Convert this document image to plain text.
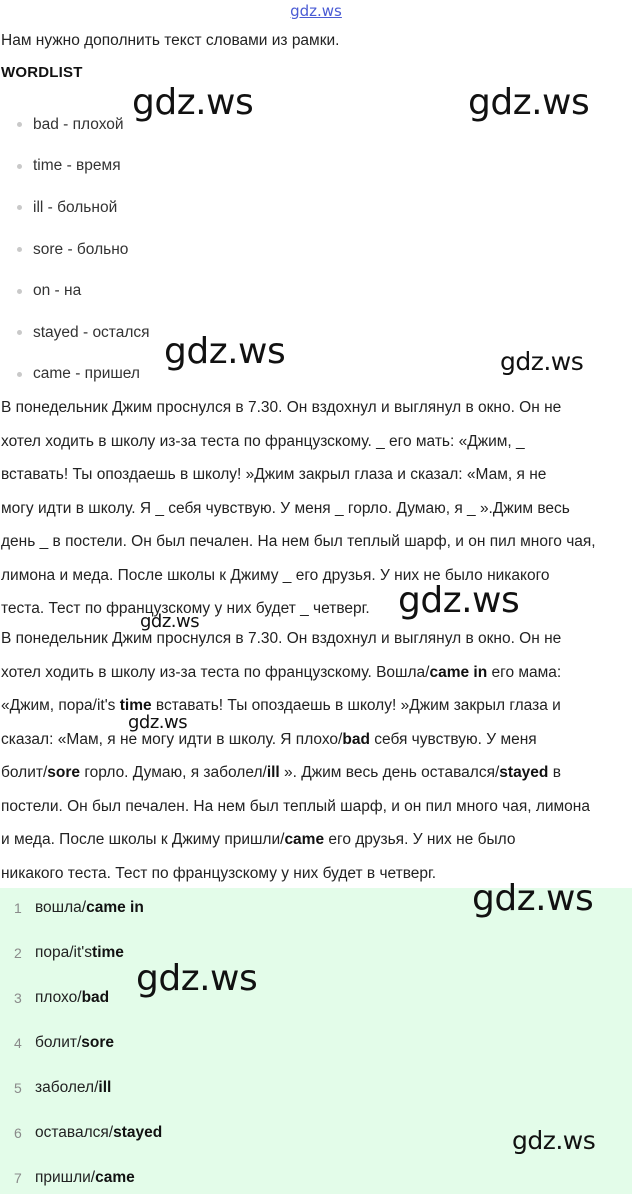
gdz.ws
Нам нужно дополнить текст словами из рамки.
WORDLIST
bad - плохой
time - время
ill - больной
sore - больно
on - на
stayed - остался
came - пришел
В понедельник Джим проснулся в 7.30. Он вздохнул и выглянул в окно. Он не
хотел ходить в школу из-за теста по французскому. _ его мать: «Джим, _
вставать! Ты опоздаешь в школу! »Джим закрыл глаза и сказал: «Мам, я не
могу идти в школу. Я _ себя чувствую. У меня _ горло. Думаю, я _ ».Джим весь
день _ в постели. Он был печален. На нем был теплый шарф, и он пил много чая,
лимона и меда. После школы к Джиму _ его друзья. У них не было никакого
теста. Тест по французскому у них будет _ четверг.
В понедельник Джим проснулся в 7.30. Он вздохнул и выглянул в окно. Он не
хотел ходить в школу из-за теста по французскому. Вошла/came in его мама:
«Джим, пора/it's time вставать! Ты опоздаешь в школу! »Джим закрыл глаза и
сказал: «Мам, я не могу идти в школу. Я плохо/bad себя чувствую. У меня
болит/sore горло. Думаю, я заболел/ill ». Джим весь день оставался/stayed в
постели. Он был печален. На нем был теплый шарф, и он пил много чая, лимона
и меда. После школы к Джиму пришли/came его друзья. У них не было
никакого теста. Тест по французскому у них будет в четверг.
1 вошла/ came in
2 пора/it's time
3 плохо/ bad
4 болит/ sore
5 заболел/ ill
6 оставался/ stayed
7 пришли/ came
gdz.ws	gdz.ws
gdz.ws	gdz.ws
gdz.ws
gdz.ws
gdz.ws
gdz.ws
gdz.ws
gdz.ws
